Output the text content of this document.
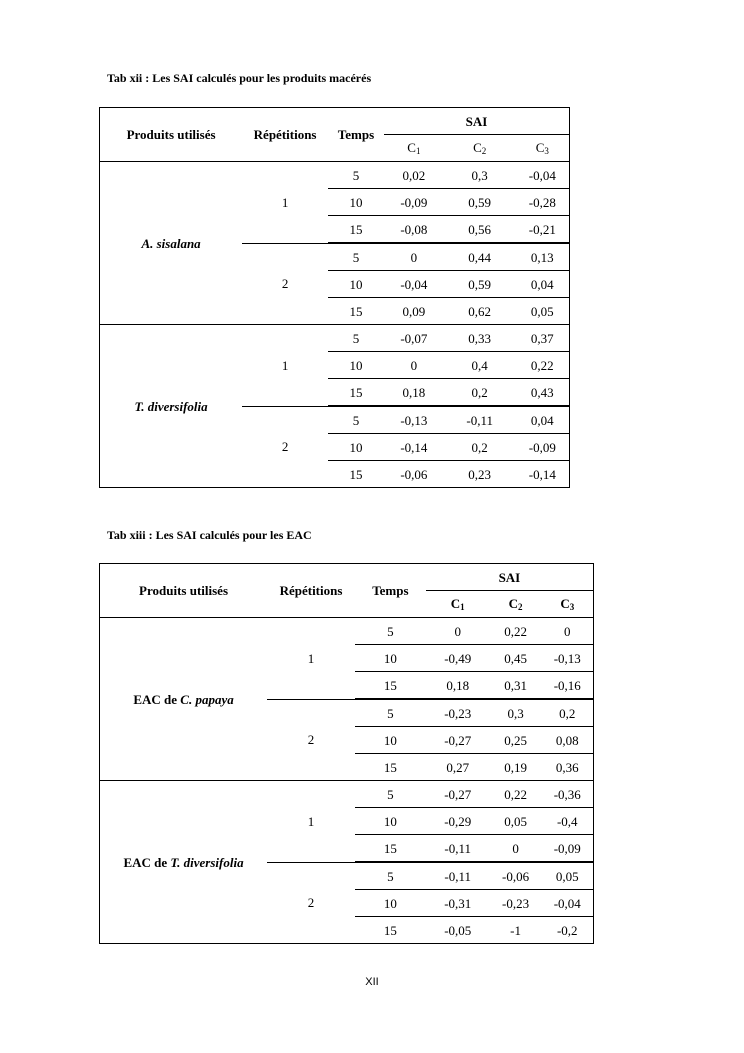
Tab xii : Les SAI calculés pour les produits macérés
Produits utilisés	Répétitions	Temps	SAI		
			$C_1$	$C_2$	$C_3$
A. sisalana	1	5	0,02	0,3	-0,04
		10	-0,09	0,59	-0,28
		15	-0,08	0,56	-0,21
	2	5	0	0,44	0,13
		10	-0,04	0,59	0,04
		15	0,09	0,62	0,05
T. diversifolia	1	5	-0,07	0,33	0,37
		10	0	0,4	0,22
		15	0,18	0,2	0,43
	2	5	-0,13	-0,11	0,04
		10	-0,14	0,2	-0,09
		15	-0,06	0,23	-0,14
Tab xiii : Les SAI calculés pour les EAC
Produits utilisés	Répétitions	Temps	SAI		
			$C_1$	$C_2$	$C_3$
EAC de C. papaya	1	5	0	0,22	0
		10	-0,49	0,45	-0,13
		15	0,18	0,31	-0,16
	2	5	-0,23	0,3	0,2
		10	-0,27	0,25	0,08
		15	0,27	0,19	0,36
EAC de T. diversifolia	1	5	-0,27	0,22	-0,36
		10	-0,29	0,05	-0,4
		15	-0,11	0	-0,09
	2	5	-0,11	-0,06	0,05
		10	-0,31	-0,23	-0,04
		15	-0,05	-1	-0,2
XII
